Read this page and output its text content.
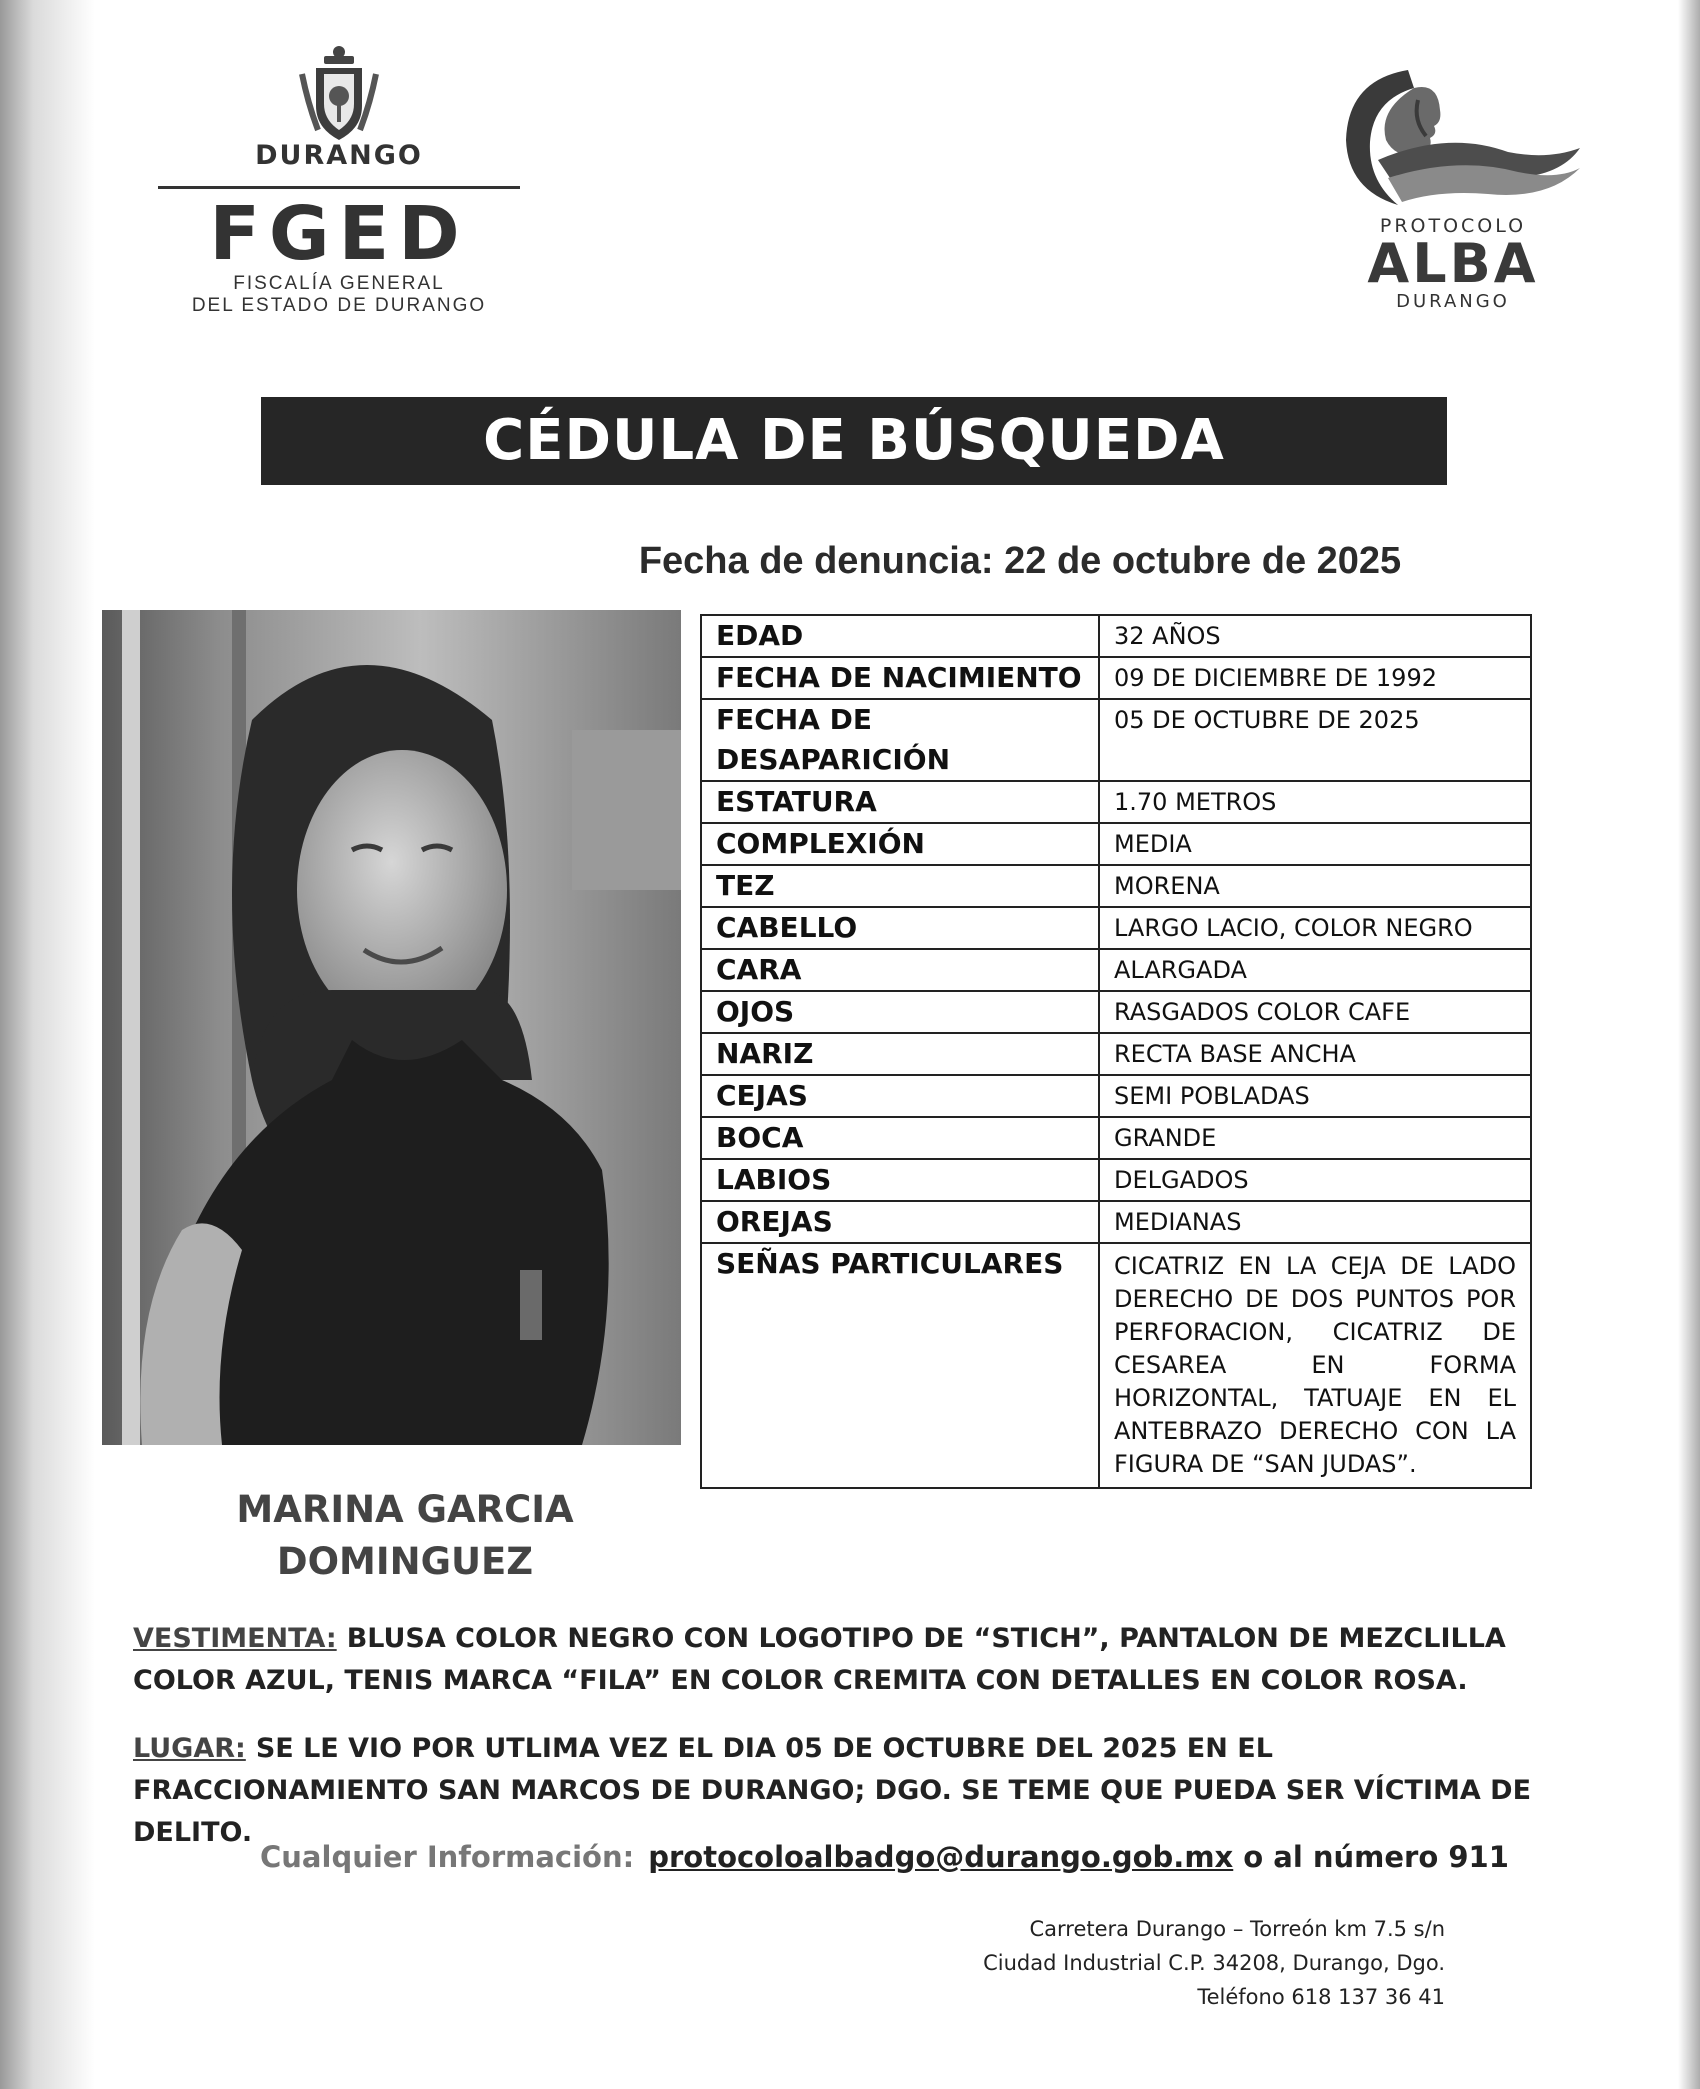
DURANGO

FGED
FISCALÍA GENERAL
DEL ESTADO DE DURANGO
PROTOCOLO
ALBA
DURANGO

CÉDULA DE BÚSQUEDA
Fecha de denuncia: 22 de octubre de 2025
EDAD	32 AÑOS
FECHA DE NACIMIENTO	09 DE DICIEMBRE DE 1992
FECHA DE DESAPARICIÓN	05 DE OCTUBRE DE 2025
ESTATURA	1.70 METROS
COMPLEXIÓN	MEDIA
TEZ	MORENA
CABELLO	LARGO LACIO, COLOR NEGRO
CARA	ALARGADA
OJOS	RASGADOS COLOR CAFE
NARIZ	RECTA BASE ANCHA
CEJAS	SEMI POBLADAS
BOCA	GRANDE
LABIOS	DELGADOS
OREJAS	MEDIANAS
SEÑAS PARTICULARES	CICATRIZ EN LA CEJA DE LADO DERECHO DE DOS PUNTOS POR PERFORACION, CICATRIZ DE CESAREA EN FORMA HORIZONTAL, TATUAJE EN EL ANTEBRAZO DERECHO CON LA FIGURA DE “SAN JUDAS”.
MARINA GARCIA
DOMINGUEZ
VESTIMENTA: BLUSA COLOR NEGRO CON LOGOTIPO DE “STICH”, PANTALON DE MEZCLILLA COLOR AZUL, TENIS MARCA “FILA” EN COLOR CREMITA CON DETALLES EN COLOR ROSA.
LUGAR: SE LE VIO POR UTLIMA VEZ EL DIA 05 DE OCTUBRE DEL 2025 EN EL FRACCIONAMIENTO SAN MARCOS DE DURANGO; DGO. SE TEME QUE PUEDA SER VÍCTIMA DE DELITO.
Cualquier Información: protocoloalbadgo@durango.gob.mx o al número 911
Carretera Durango – Torreón km 7.5 s/n
Ciudad Industrial C.P. 34208, Durango, Dgo.
Teléfono 618 137 36 41
